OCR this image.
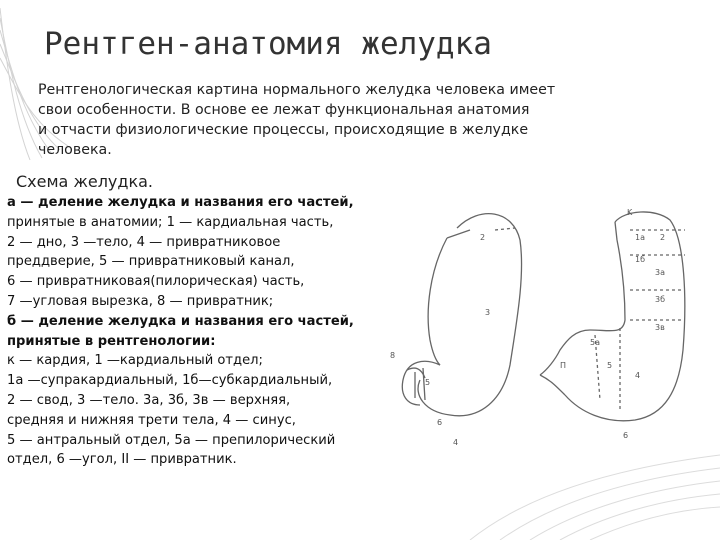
Рентген-анатомия желудка
Рентгенологическая картина нормального желудка человека имеет
свои особенности. В основе ее лежат функциональная анатомия
и отчасти физиологические процессы, происходящие в желудке
человека.
Схема желудка.
а — деление желудка и названия его частей,
принятые в анатомии; 1 — кардиальная часть,
2 — дно, 3 —тело, 4 — привратниковое
преддверие, 5 — привратниковый канал,
6 — привратниковая(пилорическая) часть,
7 —угловая вырезка, 8 — привратник;
б — деление желудка и названия его частей,
принятые в рентгенологии:
к — кардия, 1 —кардиальный отдел;
1а —супракардиальный, 1б—субкардиальный,
2 — свод, 3 —тело. 3а, 3б, 3в — верхняя,
средняя и нижняя трети тела, 4 — синус,
5 — антральный отдел, 5а — препилорический
отдел, 6 —угол, II — привратник.
2
3
5
8
6
4
K
1a
1б
2
3а
3б
3в
4
5
5а
П
6
